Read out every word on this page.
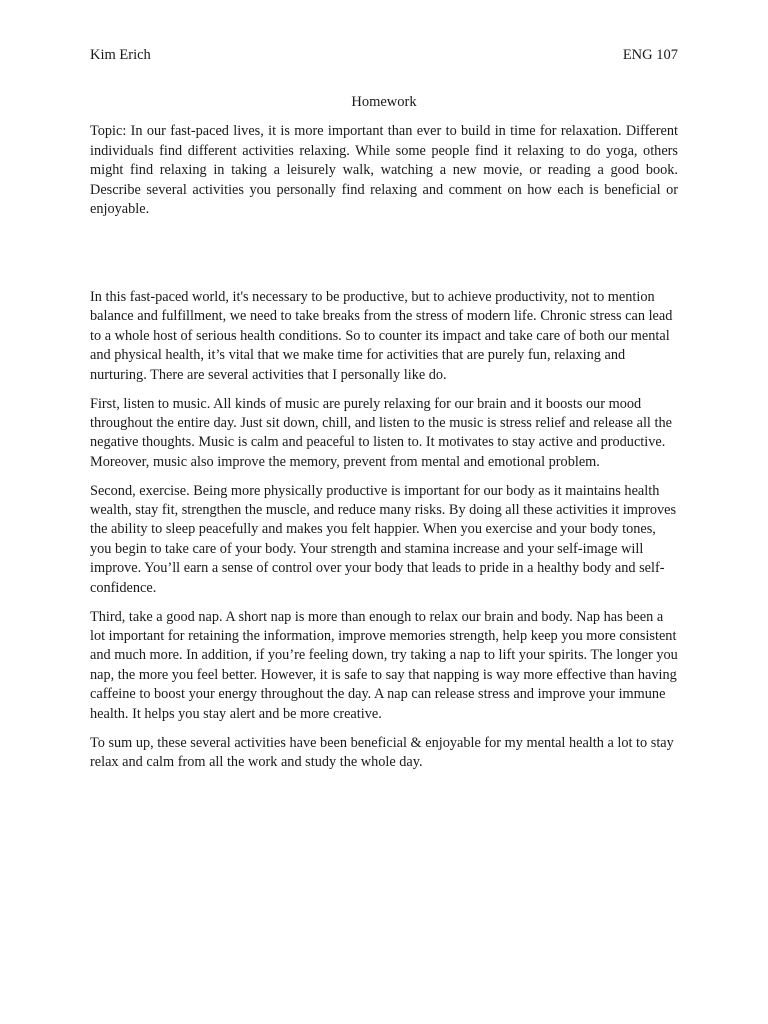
Kim Erich	ENG 107
Homework

Topic: In our fast-paced lives, it is more important than ever to build in time for relaxation. Different individuals find different activities relaxing. While some people find it relaxing to do yoga, others might find relaxing in taking a leisurely walk, watching a new movie, or reading a good book. Describe several activities you personally find relaxing and comment on how each is beneficial or enjoyable.

In this fast-paced world, it's necessary to be productive, but to achieve productivity, not to mention balance and fulfillment, we need to take breaks from the stress of modern life. Chronic stress can lead to a whole host of serious health conditions. So to counter its impact and take care of both our mental and physical health, it’s vital that we make time for activities that are purely fun, relaxing and nurturing. There are several activities that I personally like do.

First, listen to music. All kinds of music are purely relaxing for our brain and it boosts our mood throughout the entire day. Just sit down, chill, and listen to the music is stress relief and release all the negative thoughts. Music is calm and peaceful to listen to. It motivates to stay active and productive. Moreover, music also improve the memory, prevent from mental and emotional problem.

Second, exercise. Being more physically productive is important for our body as it maintains health wealth, stay fit, strengthen the muscle, and reduce many risks. By doing all these activities it improves the ability to sleep peacefully and makes you felt happier. When you exercise and your body tones, you begin to take care of your body. Your strength and stamina increase and your self-image will improve. You’ll earn a sense of control over your body that leads to pride in a healthy body and self-confidence.

Third, take a good nap. A short nap is more than enough to relax our brain and body. Nap has been a lot important for retaining the information, improve memories strength, help keep you more consistent and much more. In addition, if you’re feeling down, try taking a nap to lift your spirits. The longer you nap, the more you feel better. However, it is safe to say that napping is way more effective than having caffeine to boost your energy throughout the day. A nap can release stress and improve your immune health. It helps you stay alert and be more creative.

To sum up, these several activities have been beneficial & enjoyable for my mental health a lot to stay relax and calm from all the work and study the whole day.
